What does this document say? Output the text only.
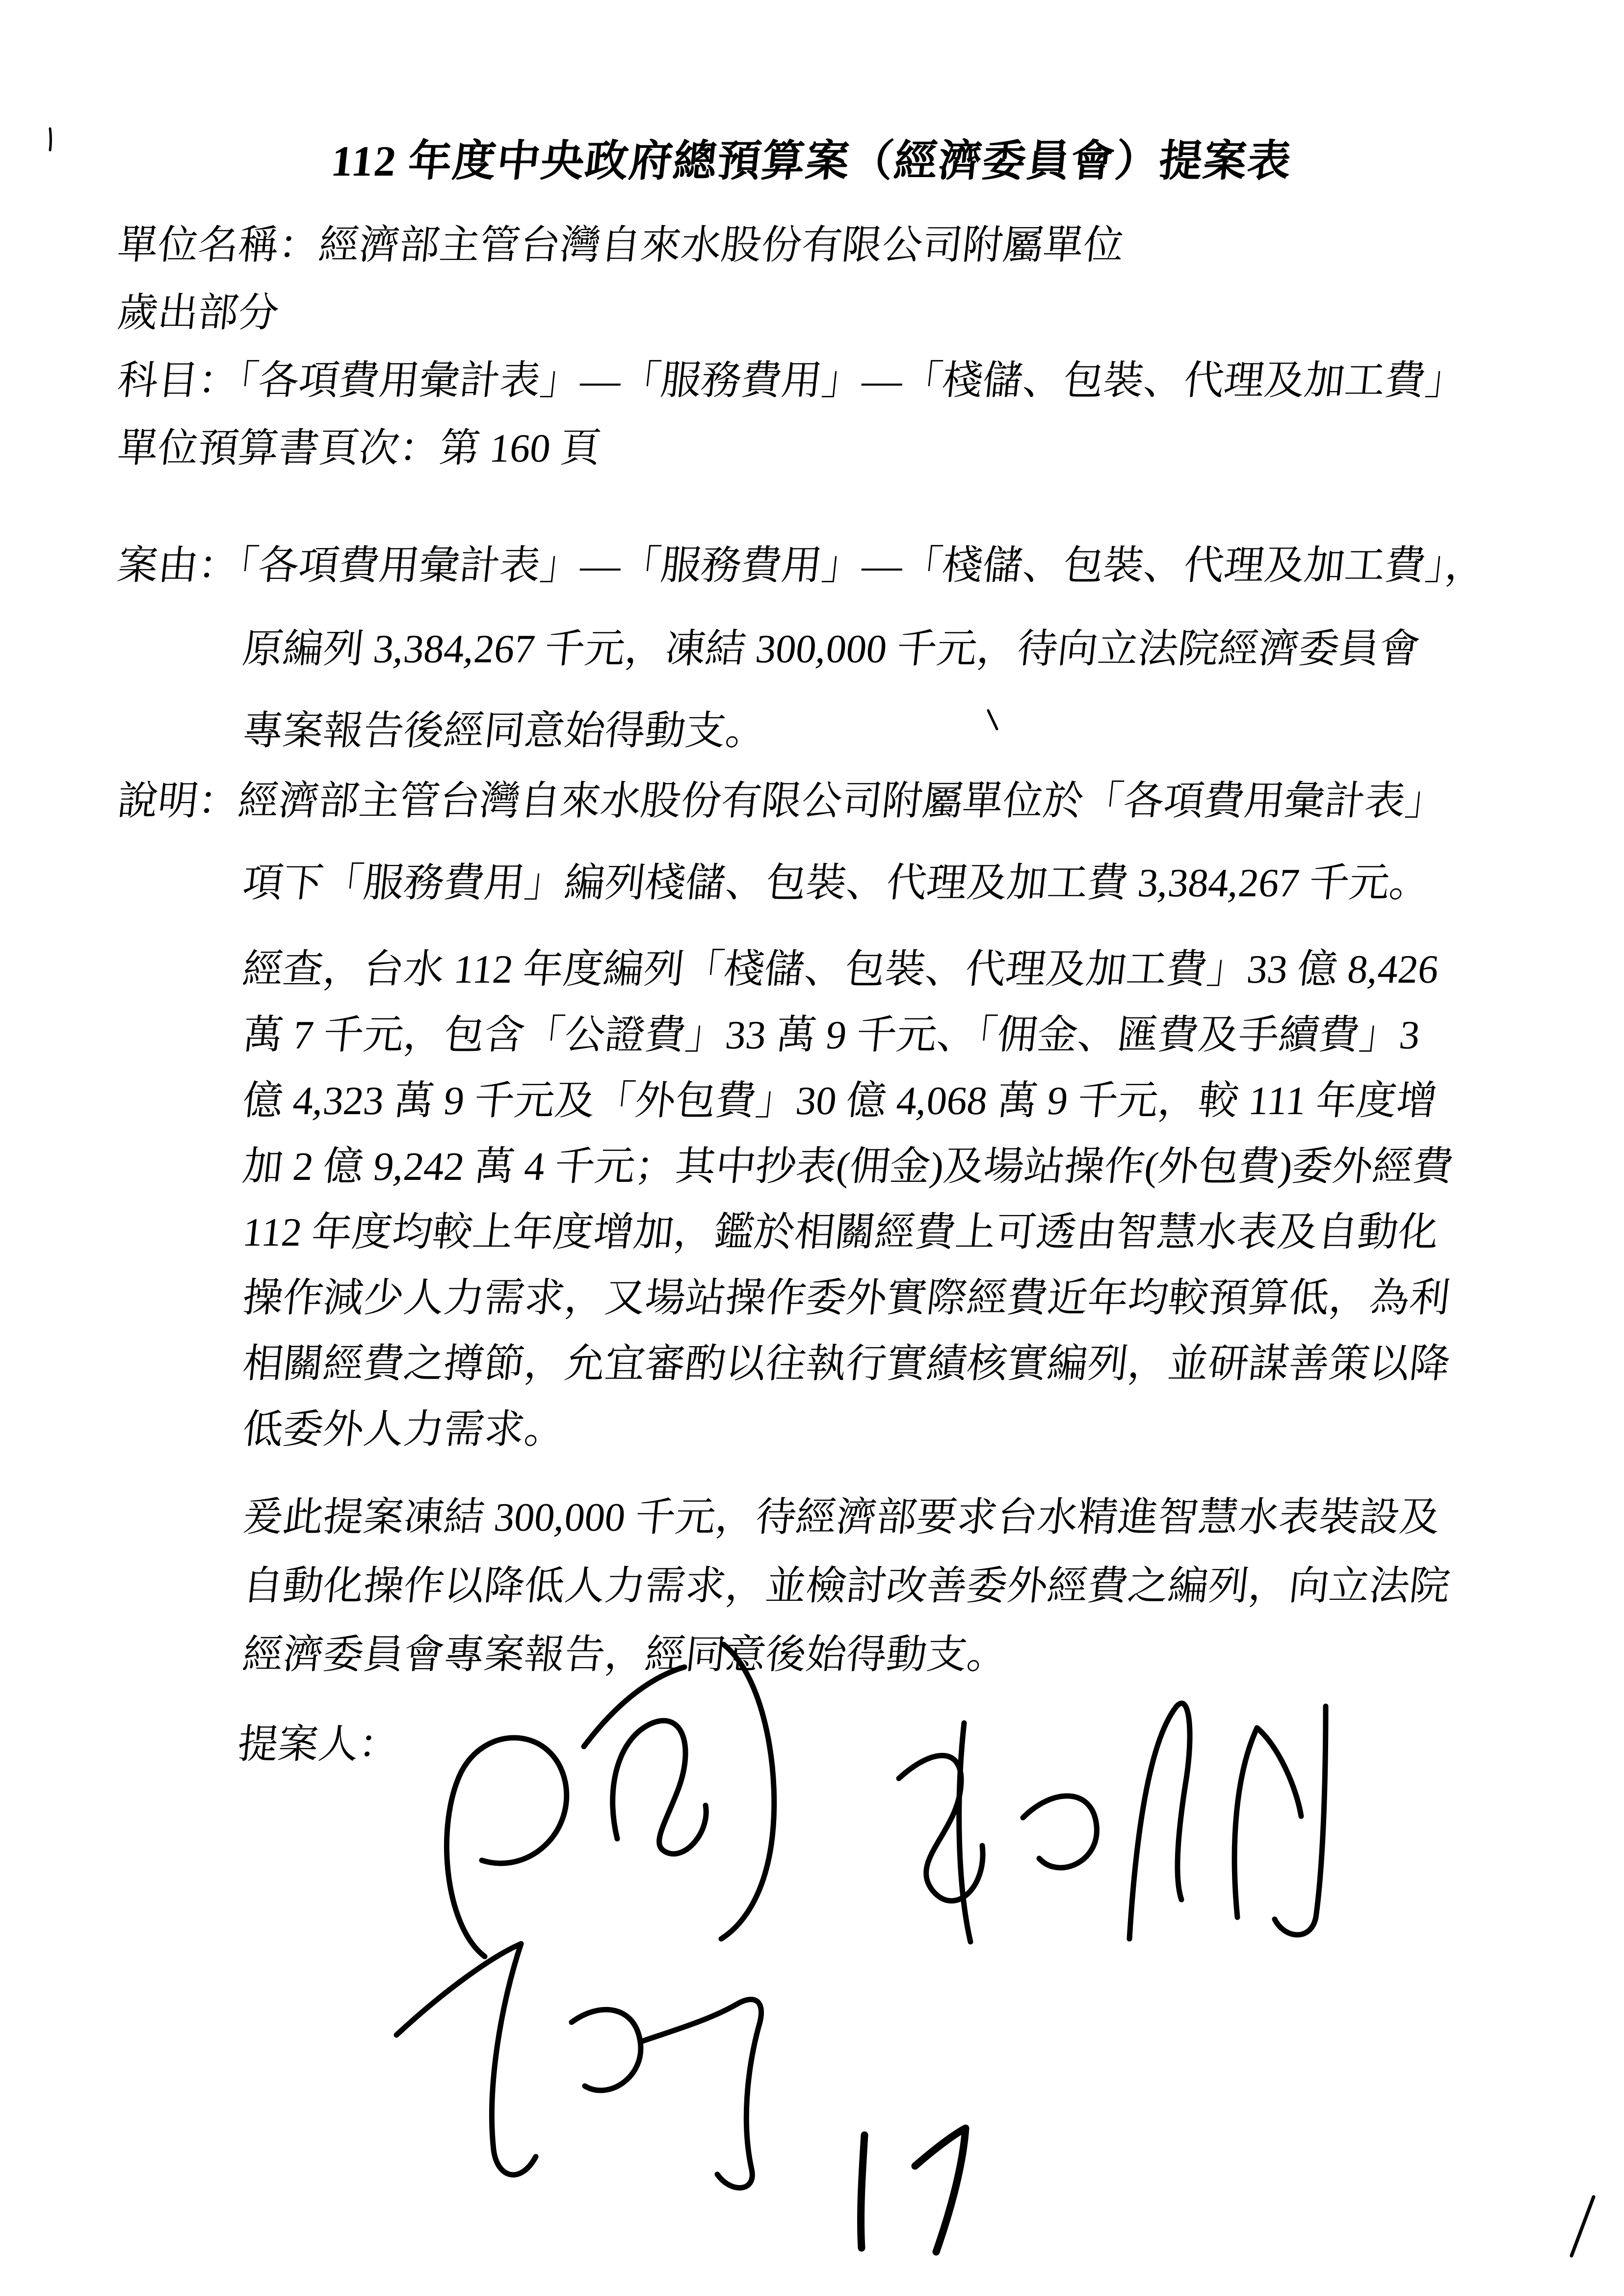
112 年度中央政府總預算案（經濟委員會）提案表
單位名稱：經濟部主管台灣自來水股份有限公司附屬單位
歲出部分
科目：「各項費用彙計表」—「服務費用」—「棧儲、包裝、代理及加工費」
單位預算書頁次：第 160 頁
案由：「各項費用彙計表」—「服務費用」—「棧儲、包裝、代理及加工費」，
原編列 3,384,267 千元，凍結 300,000 千元，待向立法院經濟委員會
專案報告後經同意始得動支。
說明：經濟部主管台灣自來水股份有限公司附屬單位於「各項費用彙計表」
項下「服務費用」編列棧儲、包裝、代理及加工費 3,384,267 千元。
經查，台水 112 年度編列「棧儲、包裝、代理及加工費」33 億 8,426
萬 7 千元，包含「公證費」33 萬 9 千元、「佣金、匯費及手續費」3
億 4,323 萬 9 千元及「外包費」30 億 4,068 萬 9 千元，較 111 年度增
加 2 億 9,242 萬 4 千元；其中抄表(佣金)及場站操作(外包費)委外經費
112 年度均較上年度增加，鑑於相關經費上可透由智慧水表及自動化
操作減少人力需求，又場站操作委外實際經費近年均較預算低，為利
相關經費之撙節，允宜審酌以往執行實績核實編列，並研謀善策以降
低委外人力需求。
爰此提案凍結 300,000 千元，待經濟部要求台水精進智慧水表裝設及
自動化操作以降低人力需求，並檢討改善委外經費之編列，向立法院
經濟委員會專案報告，經同意後始得動支。
提案人：
